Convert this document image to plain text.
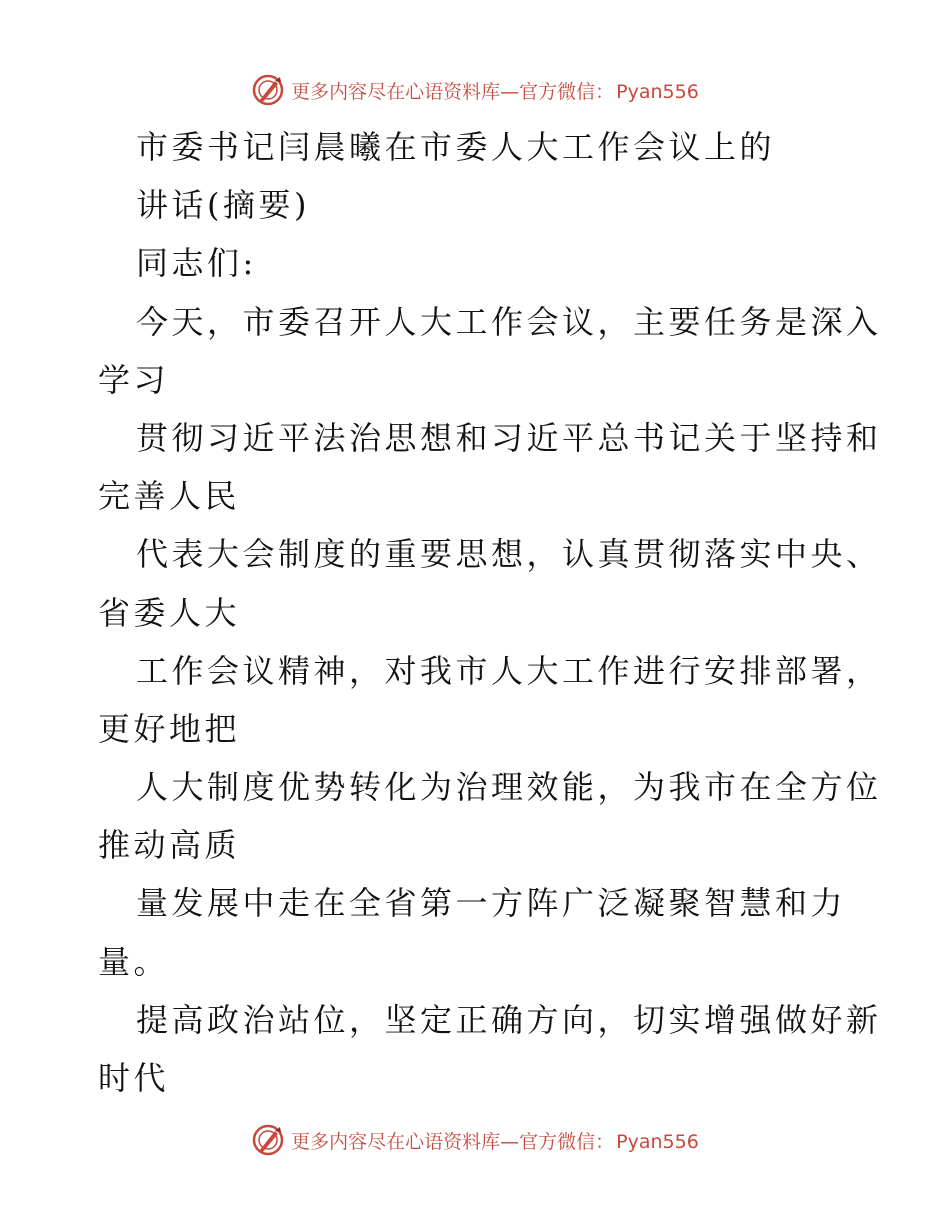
更多内容尽在心语资料库—官方微信： Pyan556
市委书记闫晨曦在市委人大工作会议上的
讲话(摘要)
同志们:
今天，市委召开人大工作会议，主要任务是深入
学习
贯彻习近平法治思想和习近平总书记关于坚持和
完善人民
代表大会制度的重要思想，认真贯彻落实中央、
省委人大
工作会议精神，对我市人大工作进行安排部署，
更好地把
人大制度优势转化为治理效能，为我市在全方位
推动高质
量发展中走在全省第一方阵广泛凝聚智慧和力
量。
提高政治站位，坚定正确方向，切实增强做好新
时代
更多内容尽在心语资料库—官方微信： Pyan556
